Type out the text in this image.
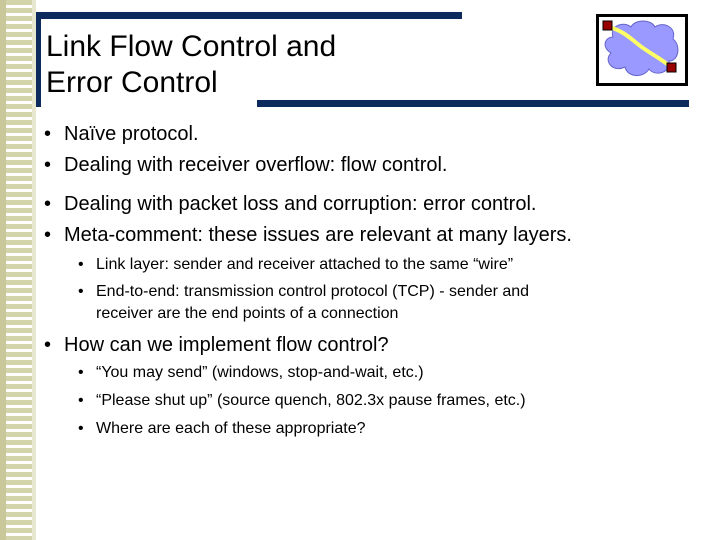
Link Flow Control and
Error Control
• Naïve protocol.
• Dealing with receiver overflow: flow control.
• Dealing with packet loss and corruption: error control.
• Meta-comment: these issues are relevant at many layers.
• Link layer: sender and receiver attached to the same “wire”
• End-to-end: transmission control protocol (TCP) - sender and
receiver are the end points of a connection
• How can we implement flow control?
• “You may send” (windows, stop-and-wait, etc.)
• “Please shut up” (source quench, 802.3x pause frames, etc.)
• Where are each of these appropriate?
